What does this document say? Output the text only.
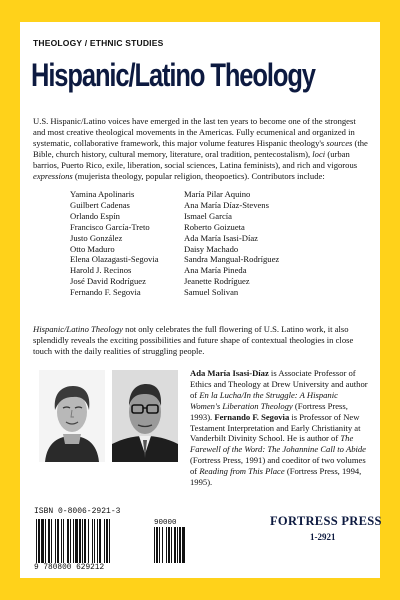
THEOLOGY / ETHNIC STUDIES
Hispanic/Latino Theology
U.S. Hispanic/Latino voices have emerged in the last ten years to become one of the strongest and most creative theological movements in the Americas. Fully ecumenical and organized in systematic, collaborative framework, this major volume features Hispanic theology's sources (the Bible, church history, cultural memory, literature, oral tradition, pentecostalism), loci (urban barrios, Puerto Rico, exile, liberation, social sciences, Latina feminists), and rich and vigorous expressions (mujerista theology, popular religion, theopoetics). Contributors include:
Yamina Apolinaris
Guilbert Cadenas
Orlando Espín
Francisco García-Treto
Justo González
Otto Maduro
Elena Olazagasti-Segovia
Harold J. Recinos
José David Rodríguez
Fernando F. Segovia
María Pilar Aquino
Ana María Díaz-Stevens
Ismael García
Roberto Goizueta
Ada María Isasi-Díaz
Daisy Machado
Sandra Mangual-Rodríguez
Ana María Pineda
Jeanette Rodríguez
Samuel Solivan
Hispanic/Latino Theology not only celebrates the full flowering of U.S. Latino work, it also splendidly reveals the exciting possibilities and future shape of contextual theologies in close touch with the daily realities of struggling people.
Ada María Isasi-Díaz is Associate Professor of Ethics and Theology at Drew University and author of En la Lucha/In the Struggle: A Hispanic Women's Liberation Theology (Fortress Press, 1993). Fernando F. Segovia is Professor of New Testament Interpretation and Early Christianity at Vanderbilt Divinity School. He is author of The Farewell of the Word: The Johannine Call to Abide (Fortress Press, 1991) and coeditor of two volumes of Reading from This Place (Fortress Press, 1994, 1995).
ISBN 0-8006-2921-3
90000
9 780800 629212
FORTRESS PRESS
1-2921
